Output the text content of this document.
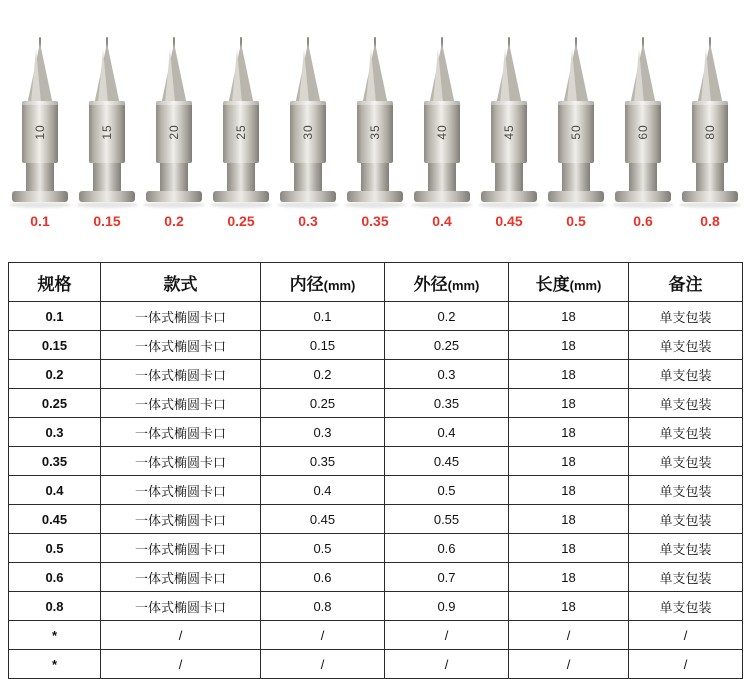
10
0.1
15
0.15
20
0.2
25
0.25
30
0.3
35
0.35
40
0.4
45
0.45
50
0.5
60
0.6
80
0.8
规格	款式	内径(mm)	外径(mm)	长度(mm)	备注
0.1	一体式椭圆卡口	0.1	0.2	18	单支包装
0.15	一体式椭圆卡口	0.15	0.25	18	单支包装
0.2	一体式椭圆卡口	0.2	0.3	18	单支包装
0.25	一体式椭圆卡口	0.25	0.35	18	单支包装
0.3	一体式椭圆卡口	0.3	0.4	18	单支包装
0.35	一体式椭圆卡口	0.35	0.45	18	单支包装
0.4	一体式椭圆卡口	0.4	0.5	18	单支包装
0.45	一体式椭圆卡口	0.45	0.55	18	单支包装
0.5	一体式椭圆卡口	0.5	0.6	18	单支包装
0.6	一体式椭圆卡口	0.6	0.7	18	单支包装
0.8	一体式椭圆卡口	0.8	0.9	18	单支包装
*	/	/	/	/	/
*	/	/	/	/	/
